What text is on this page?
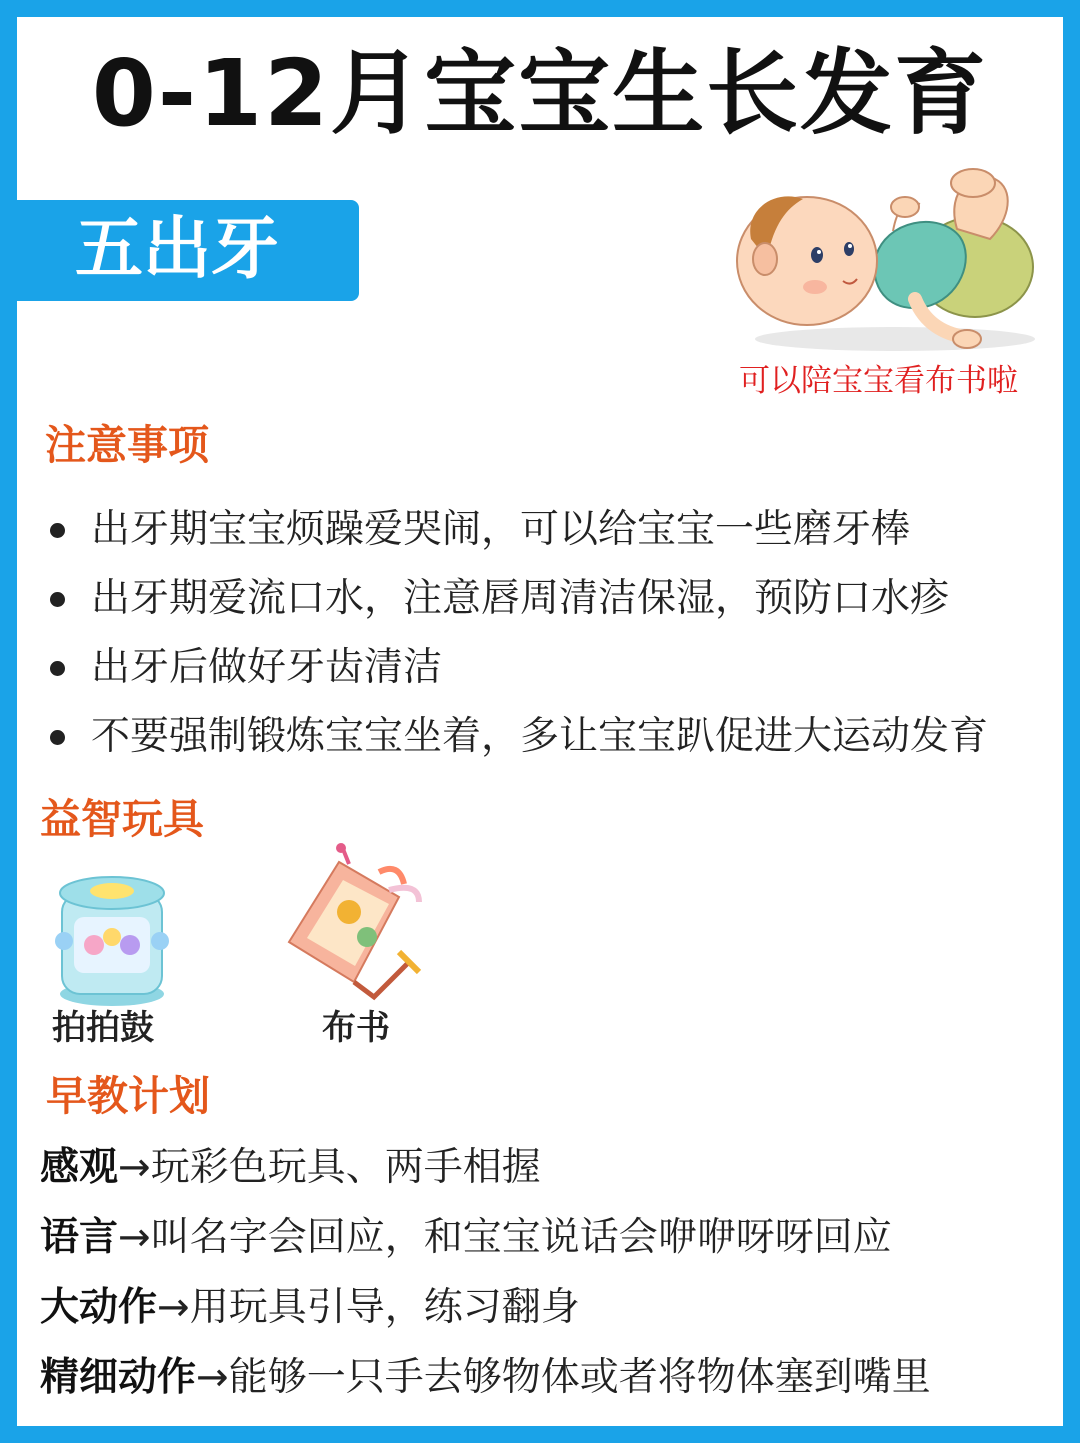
0-12月宝宝生长发育
五出牙
可以陪宝宝看布书啦
注意事项
出牙期宝宝烦躁爱哭闹，可以给宝宝一些磨牙棒
出牙期爱流口水，注意唇周清洁保湿，预防口水疹
出牙后做好牙齿清洁
不要强制锻炼宝宝坐着，多让宝宝趴促进大运动发育
益智玩具
拍拍鼓	布书
早教计划
感观→玩彩色玩具、两手相握
语言→叫名字会回应，和宝宝说话会咿咿呀呀回应
大动作→用玩具引导，练习翻身
精细动作→能够一只手去够物体或者将物体塞到嘴里
